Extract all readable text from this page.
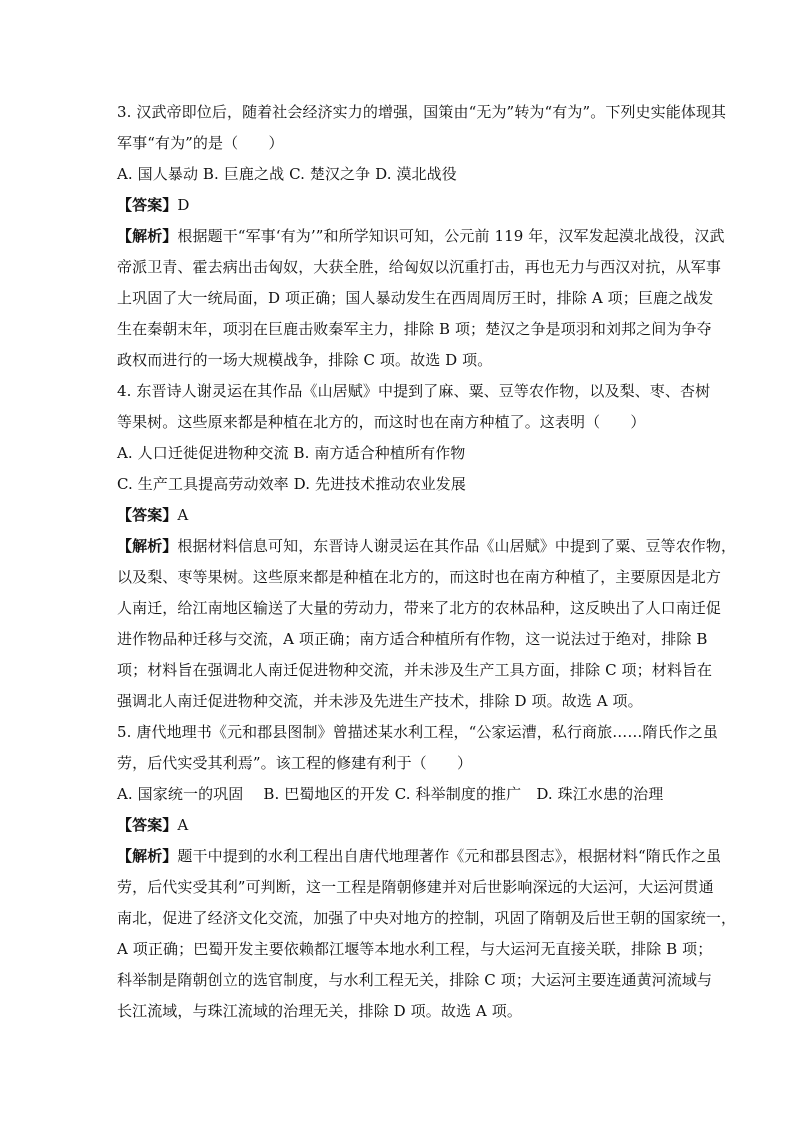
3. 汉武帝即位后，随着社会经济实力的增强，国策由“无为”转为“有为”。下列史实能体现其
军事“有为”的是（　　）
A. 国人暴动 B. 巨鹿之战 C. 楚汉之争 D. 漠北战役
【答案】D
【解析】根据题干“军事‘有为’”和所学知识可知，公元前 119 年，汉军发起漠北战役，汉武
帝派卫青、霍去病出击匈奴，大获全胜，给匈奴以沉重打击，再也无力与西汉对抗，从军事
上巩固了大一统局面，D 项正确；国人暴动发生在西周周厉王时，排除 A 项；巨鹿之战发
生在秦朝末年，项羽在巨鹿击败秦军主力，排除 B 项；楚汉之争是项羽和刘邦之间为争夺
政权而进行的一场大规模战争，排除 C 项。故选 D 项。
4. 东晋诗人谢灵运在其作品《山居赋》中提到了麻、粟、豆等农作物，以及梨、枣、杏树
等果树。这些原来都是种植在北方的，而这时也在南方种植了。这表明（　　）
A. 人口迁徙促进物种交流 B. 南方适合种植所有作物
C. 生产工具提高劳动效率 D. 先进技术推动农业发展
【答案】A
【解析】根据材料信息可知，东晋诗人谢灵运在其作品《山居赋》中提到了粟、豆等农作物，
以及梨、枣等果树。这些原来都是种植在北方的，而这时也在南方种植了，主要原因是北方
人南迁，给江南地区输送了大量的劳动力，带来了北方的农林品种，这反映出了人口南迁促
进作物品种迁移与交流，A 项正确；南方适合种植所有作物，这一说法过于绝对，排除 B
项；材料旨在强调北人南迁促进物种交流，并未涉及生产工具方面，排除 C 项；材料旨在
强调北人南迁促进物种交流，并未涉及先进生产技术，排除 D 项。故选 A 项。
5. 唐代地理书《元和郡县图制》曾描述某水利工程，“公家运漕，私行商旅……隋氏作之虽
劳，后代实受其利焉”。该工程的修建有利于（　　）
A. 国家统一的巩固　 B. 巴蜀地区的开发 C. 科举制度的推广　D. 珠江水患的治理
【答案】A
【解析】题干中提到的水利工程出自唐代地理著作《元和郡县图志》，根据材料“隋氏作之虽
劳，后代实受其利”可判断，这一工程是隋朝修建并对后世影响深远的大运河，大运河贯通
南北，促进了经济文化交流，加强了中央对地方的控制，巩固了隋朝及后世王朝的国家统一，
A 项正确；巴蜀开发主要依赖都江堰等本地水利工程，与大运河无直接关联，排除 B 项；
科举制是隋朝创立的选官制度，与水利工程无关，排除 C 项；大运河主要连通黄河流域与
长江流域，与珠江流域的治理无关，排除 D 项。故选 A 项。
